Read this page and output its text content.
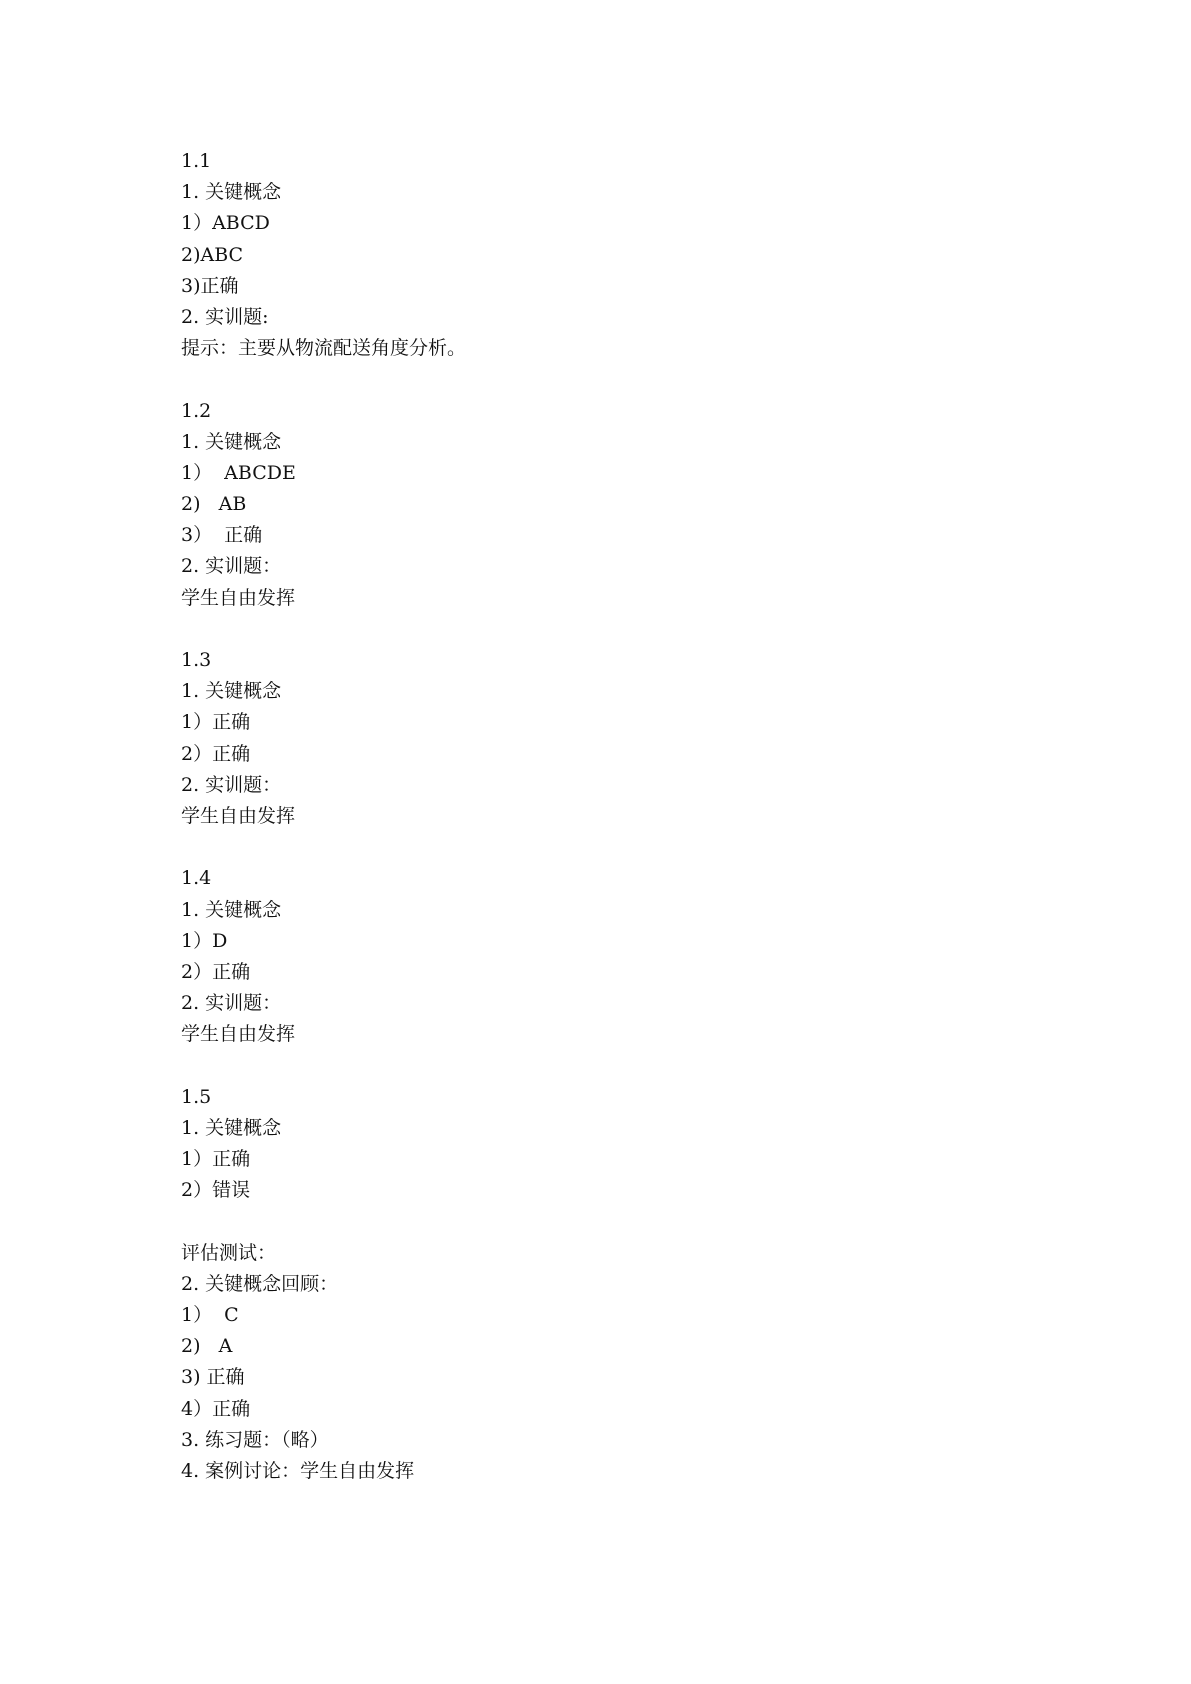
1.1
1. 关键概念
1）ABCD
2)ABC
3)正确
2. 实训题:
提示：主要从物流配送角度分析。
1.2
1. 关键概念
1）  ABCDE
2)   AB
3）  正确
2. 实训题：
学生自由发挥
1.3
1. 关键概念
1）正确
2）正确
2. 实训题：
学生自由发挥
1.4
1. 关键概念
1）D
2）正确
2. 实训题：
学生自由发挥
1.5
1. 关键概念
1）正确
2）错误
评估测试：
2. 关键概念回顾：
1）  C
2)   A
3) 正确
4）正确
3. 练习题：（略）
4. 案例讨论：学生自由发挥
